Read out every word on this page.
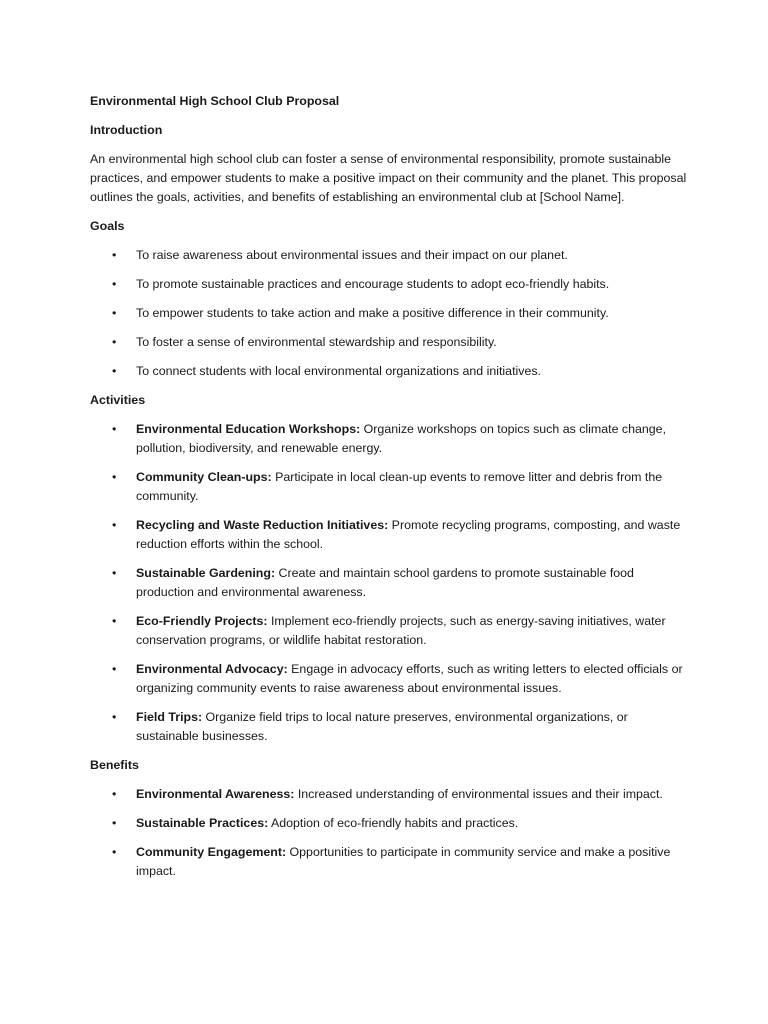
Environmental High School Club Proposal
Introduction
An environmental high school club can foster a sense of environmental responsibility, promote sustainable practices, and empower students to make a positive impact on their community and the planet. This proposal outlines the goals, activities, and benefits of establishing an environmental club at [School Name].
Goals
• To raise awareness about environmental issues and their impact on our planet.
• To promote sustainable practices and encourage students to adopt eco-friendly habits.
• To empower students to take action and make a positive difference in their community.
• To foster a sense of environmental stewardship and responsibility.
• To connect students with local environmental organizations and initiatives.
Activities
• Environmental Education Workshops: Organize workshops on topics such as climate change, pollution, biodiversity, and renewable energy.
• Community Clean-ups: Participate in local clean-up events to remove litter and debris from the community.
• Recycling and Waste Reduction Initiatives: Promote recycling programs, composting, and waste reduction efforts within the school.
• Sustainable Gardening: Create and maintain school gardens to promote sustainable food production and environmental awareness.
• Eco-Friendly Projects: Implement eco-friendly projects, such as energy-saving initiatives, water conservation programs, or wildlife habitat restoration.
• Environmental Advocacy: Engage in advocacy efforts, such as writing letters to elected officials or organizing community events to raise awareness about environmental issues.
• Field Trips: Organize field trips to local nature preserves, environmental organizations, or sustainable businesses.
Benefits
• Environmental Awareness: Increased understanding of environmental issues and their impact.
• Sustainable Practices: Adoption of eco-friendly habits and practices.
• Community Engagement: Opportunities to participate in community service and make a positive impact.
